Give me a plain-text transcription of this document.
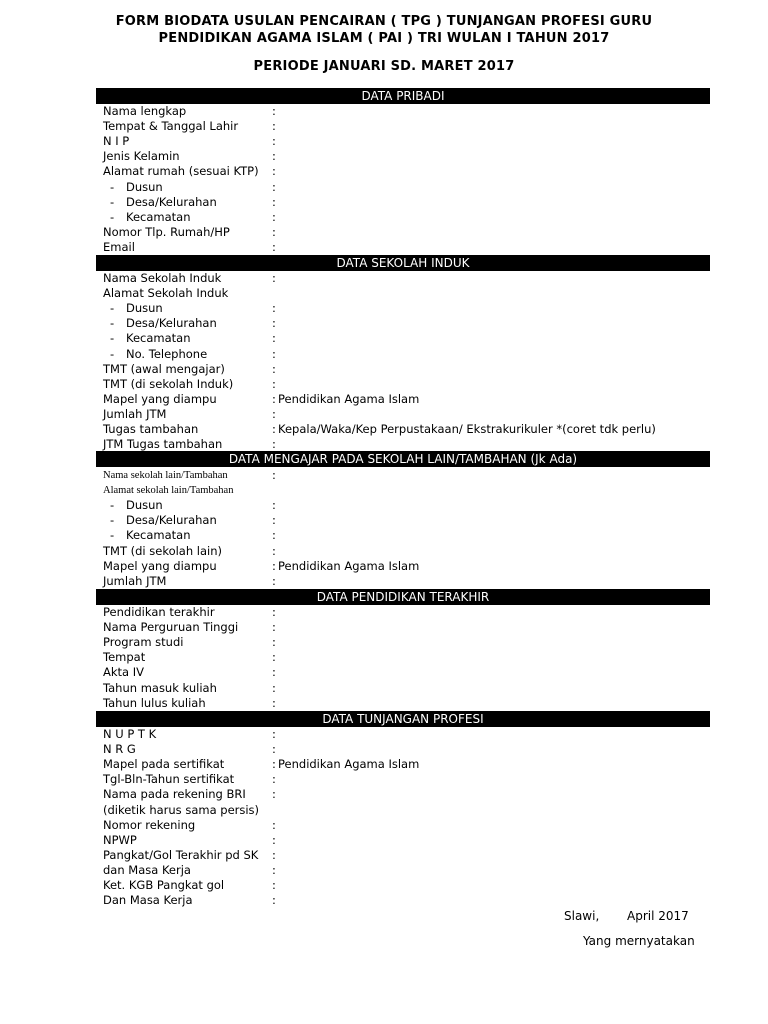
FORM BIODATA USULAN PENCAIRAN ( TPG ) TUNJANGAN PROFESI GURU
PENDIDIKAN AGAMA ISLAM ( PAI ) TRI WULAN I TAHUN 2017
PERIODE JANUARI SD. MARET 2017
DATA PRIBADI
Nama lengkap	:
Tempat & Tanggal Lahir	:
N I P	:
Jenis Kelamin	:
Alamat rumah (sesuai KTP) :
- Dusun	:
- Desa/Kelurahan	:
- Kecamatan	:
Nomor Tlp. Rumah/HP	:
Email	:
DATA SEKOLAH INDUK
Nama Sekolah Induk	:
Alamat Sekolah Induk
- Dusun	:
- Desa/Kelurahan	:
- Kecamatan	:
- No. Telephone	:
TMT (awal mengajar)	:
TMT (di sekolah Induk)	:
Mapel yang diampu	: Pendidikan Agama Islam
Jumlah JTM	:
Tugas tambahan	: Kepala/Waka/Kep Perpustakaan/ Ekstrakurikuler *(coret tdk perlu)
JTM Tugas tambahan	:
DATA MENGAJAR PADA SEKOLAH LAIN/TAMBAHAN (Jk Ada)
Nama sekolah lain/Tambahan	:
Alamat sekolah lain/Tambahan
- Dusun	:
- Desa/Kelurahan	:
- Kecamatan	:
TMT (di sekolah lain)	:
Mapel yang diampu	: Pendidikan Agama Islam
Jumlah JTM	:
DATA PENDIDIKAN TERAKHIR
Pendidikan terakhir	:
Nama Perguruan Tinggi	:
Program studi	:
Tempat	:
Akta IV	:
Tahun masuk kuliah	:
Tahun lulus kuliah	:
DATA TUNJANGAN PROFESI
N U P T K	:
N R G	:
Mapel pada sertifikat	: Pendidikan Agama Islam
Tgl-Bln-Tahun sertifikat	:
Nama pada rekening BRI :
(diketik harus sama persis)
Nomor rekening	:
NPWP	:
Pangkat/Gol Terakhir pd SK :
dan Masa Kerja	:
Ket. KGB Pangkat gol	:
Dan Masa Kerja	:
Slawi, April 2017
Yang mernyatakan
